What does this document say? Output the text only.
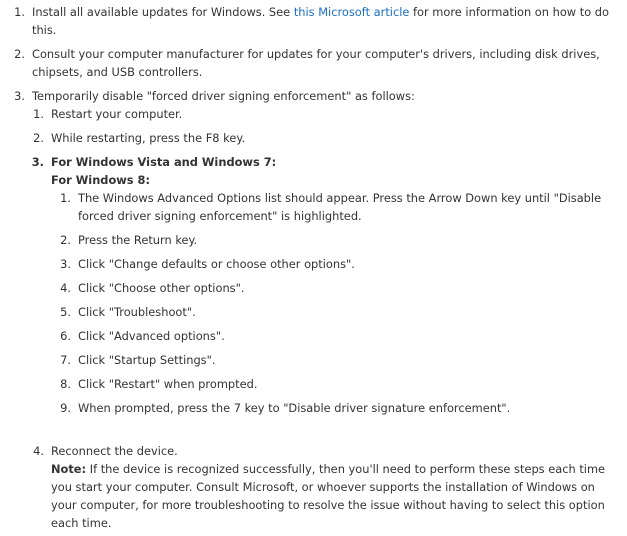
1. Install all available updates for Windows. See this Microsoft article for more information on how to do this.
2. Consult your computer manufacturer for updates for your computer's drivers, including disk drives, chipsets, and USB controllers.
3. Temporarily disable "forced driver signing enforcement" as follows:
1. Restart your computer.
2. While restarting, press the F8 key.
3. For Windows Vista and Windows 7:
For Windows 8:
1. The Windows Advanced Options list should appear. Press the Arrow Down key until "Disable forced driver signing enforcement" is highlighted.
2. Press the Return key.
3. Click "Change defaults or choose other options".
4. Click "Choose other options".
5. Click "Troubleshoot".
6. Click "Advanced options".
7. Click "Startup Settings".
8. Click "Restart" when prompted.
9. When prompted, press the 7 key to "Disable driver signature enforcement".
4. Reconnect the device.
Note: If the device is recognized successfully, then you'll need to perform these steps each time you start your computer. Consult Microsoft, or whoever supports the installation of Windows on your computer, for more troubleshooting to resolve the issue without having to select this option each time.
